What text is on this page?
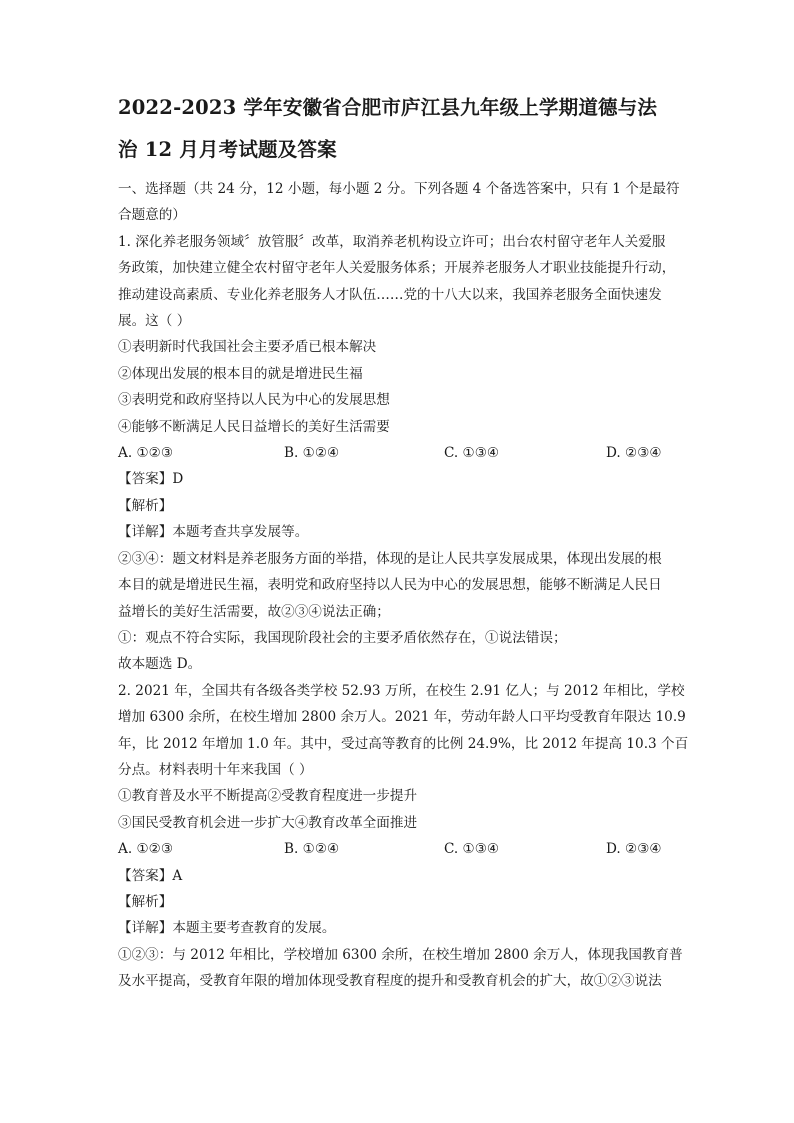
2022-2023 学年安徽省合肥市庐江县九年级上学期道德与法

治 12 月月考试题及答案

一、选择题（共 24 分，12 小题，每小题 2 分。下列各题 4 个备选答案中，只有 1 个是最符

合题意的）

1. 深化养老服务领域〞放管服〞改革，取消养老机构设立许可；出台农村留守老年人关爱服

务政策，加快建立健全农村留守老年人关爱服务体系；开展养老服务人才职业技能提升行动，

推动建设高素质、专业化养老服务人才队伍……党的十八大以来，我国养老服务全面快速发

展。这（ ）

①表明新时代我国社会主要矛盾已根本解决

②体现出发展的根本目的就是增进民生福

③表明党和政府坚持以人民为中心的发展思想

④能够不断满足人民日益增长的美好生活需要

A. ①②③	B. ①②④	C. ①③④	D. ②③④

【答案】D

【解析】

【详解】本题考查共享发展等。

②③④：题文材料是养老服务方面的举措，体现的是让人民共享发展成果，体现出发展的根

本目的就是增进民生福，表明党和政府坚持以人民为中心的发展思想，能够不断满足人民日

益增长的美好生活需要，故②③④说法正确；

①：观点不符合实际，我国现阶段社会的主要矛盾依然存在，①说法错误；

故本题选 D。

2. 2021 年，全国共有各级各类学校 52.93 万所，在校生 2.91 亿人；与 2012 年相比，学校

增加 6300 余所，在校生增加 2800 余万人。2021 年，劳动年龄人口平均受教育年限达 10.9

年，比 2012 年增加 1.0 年。其中，受过高等教育的比例 24.9%，比 2012 年提高 10.3 个百

分点。材料表明十年来我国（ ）

①教育普及水平不断提高②受教育程度进一步提升

③国民受教育机会进一步扩大④教育改革全面推进

A. ①②③	B. ①②④	C. ①③④	D. ②③④

【答案】A

【解析】

【详解】本题主要考查教育的发展。

①②③：与 2012 年相比，学校增加 6300 余所，在校生增加 2800 余万人，体现我国教育普

及水平提高，受教育年限的增加体现受教育程度的提升和受教育机会的扩大，故①②③说法
